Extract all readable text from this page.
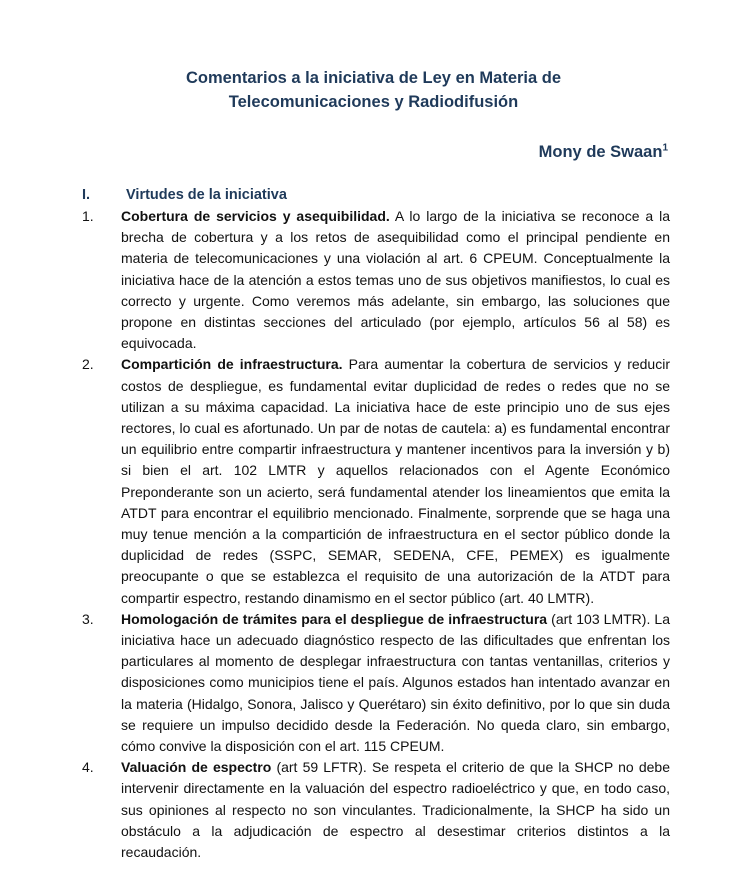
Comentarios a la iniciativa de Ley en Materia de
Telecomunicaciones y Radiodifusión
Mony de Swaan$^1$
I. Virtudes de la iniciativa
1. Cobertura de servicios y asequibilidad. A lo largo de la iniciativa se reconoce a la brecha de cobertura y a los retos de asequibilidad como el principal pendiente en materia de telecomunicaciones y una violación al art. 6 CPEUM. Conceptualmente la iniciativa hace de la atención a estos temas uno de sus objetivos manifiestos, lo cual es correcto y urgente. Como veremos más adelante, sin embargo, las soluciones que propone en distintas secciones del articulado (por ejemplo, artículos 56 al 58) es equivocada.
2. Compartición de infraestructura. Para aumentar la cobertura de servicios y reducir costos de despliegue, es fundamental evitar duplicidad de redes o redes que no se utilizan a su máxima capacidad. La iniciativa hace de este principio uno de sus ejes rectores, lo cual es afortunado. Un par de notas de cautela: a) es fundamental encontrar un equilibrio entre compartir infraestructura y mantener incentivos para la inversión y b) si bien el art. 102 LMTR y aquellos relacionados con el Agente Económico Preponderante son un acierto, será fundamental atender los lineamientos que emita la ATDT para encontrar el equilibrio mencionado. Finalmente, sorprende que se haga una muy tenue mención a la compartición de infraestructura en el sector público donde la duplicidad de redes (SSPC, SEMAR, SEDENA, CFE, PEMEX) es igualmente preocupante o que se establezca el requisito de una autorización de la ATDT para compartir espectro, restando dinamismo en el sector público (art. 40 LMTR).
3. Homologación de trámites para el despliegue de infraestructura (art 103 LMTR). La iniciativa hace un adecuado diagnóstico respecto de las dificultades que enfrentan los particulares al momento de desplegar infraestructura con tantas ventanillas, criterios y disposiciones como municipios tiene el país. Algunos estados han intentado avanzar en la materia (Hidalgo, Sonora, Jalisco y Querétaro) sin éxito definitivo, por lo que sin duda se requiere un impulso decidido desde la Federación. No queda claro, sin embargo, cómo convive la disposición con el art. 115 CPEUM.
4. Valuación de espectro (art 59 LFTR). Se respeta el criterio de que la SHCP no debe intervenir directamente en la valuación del espectro radioeléctrico y que, en todo caso, sus opiniones al respecto no son vinculantes. Tradicionalmente, la SHCP ha sido un obstáculo a la adjudicación de espectro al desestimar criterios distintos a la recaudación.
